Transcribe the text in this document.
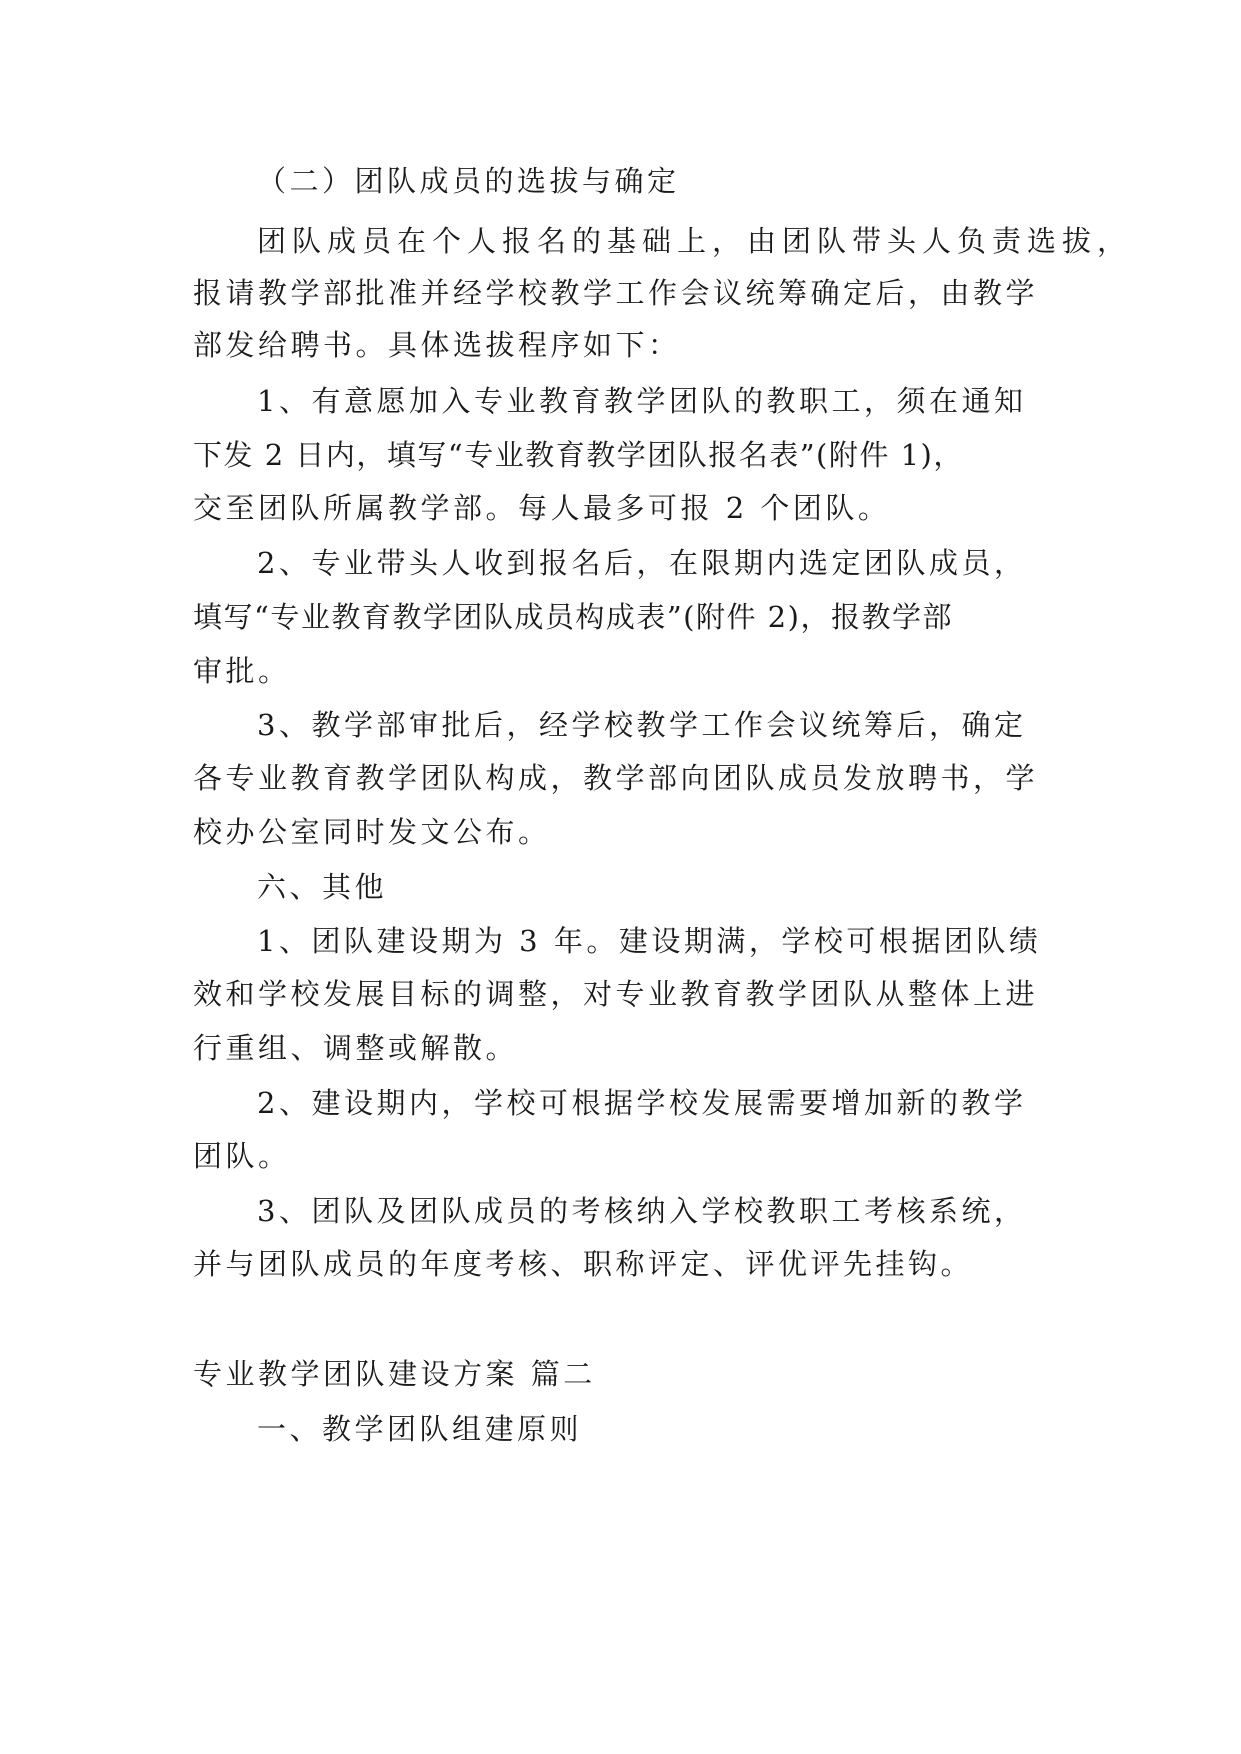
（二）团队成员的选拔与确定
团队成员在个人报名的基础上，由团队带头人负责选拔，
报请教学部批准并经学校教学工作会议统筹确定后，由教学
部发给聘书。具体选拔程序如下：
1、有意愿加入专业教育教学团队的教职工，须在通知
下发 2 日内，填写“专业教育教学团队报名表”(附件 1)，
交至团队所属教学部。每人最多可报 2 个团队。
2、专业带头人收到报名后，在限期内选定团队成员，
填写“专业教育教学团队成员构成表”(附件 2)，报教学部
审批。
3、教学部审批后，经学校教学工作会议统筹后，确定
各专业教育教学团队构成，教学部向团队成员发放聘书，学
校办公室同时发文公布。
六、其他
1、团队建设期为 3 年。建设期满，学校可根据团队绩
效和学校发展目标的调整，对专业教育教学团队从整体上进
行重组、调整或解散。
2、建设期内，学校可根据学校发展需要增加新的教学
团队。
3、团队及团队成员的考核纳入学校教职工考核系统，
并与团队成员的年度考核、职称评定、评优评先挂钩。
专业教学团队建设方案 篇二
一、教学团队组建原则
